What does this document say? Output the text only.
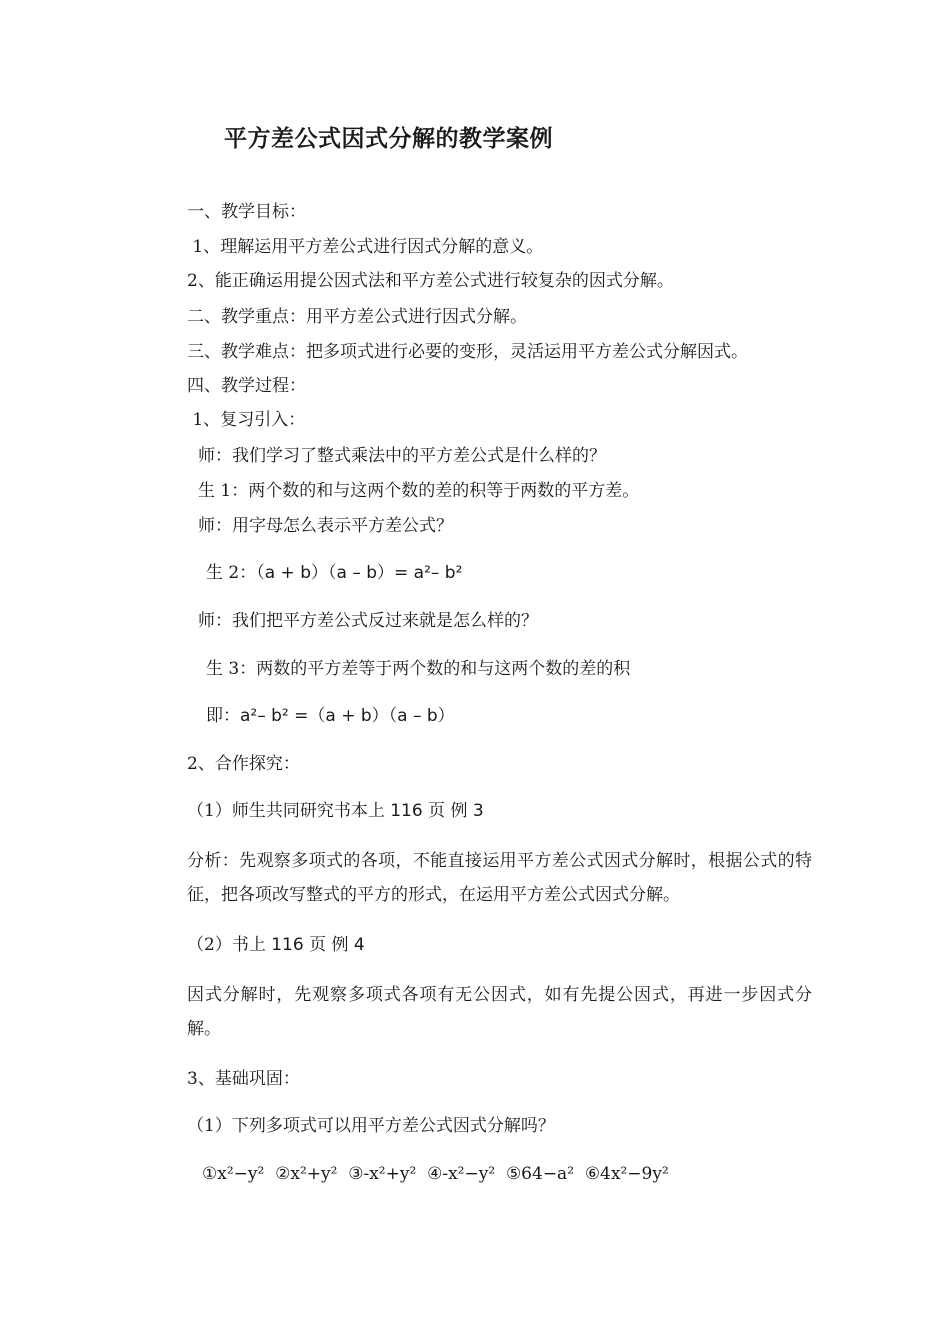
平方差公式因式分解的教学案例
一、教学目标：
1、理解运用平方差公式进行因式分解的意义。
2、能正确运用提公因式法和平方差公式进行较复杂的因式分解。
二、教学重点：用平方差公式进行因式分解。
三、教学难点：把多项式进行必要的变形，灵活运用平方差公式分解因式。
四、教学过程：
1、复习引入：
师：我们学习了整式乘法中的平方差公式是什么样的？
生 1：两个数的和与这两个数的差的积等于两数的平方差。
师：用字母怎么表示平方差公式？
生 2：（a + b）（a – b）= a²– b²
师：我们把平方差公式反过来就是怎么样的？
生 3：两数的平方差等于两个数的和与这两个数的差的积
即：a²– b² =（a + b）（a – b）
2、合作探究：
（1）师生共同研究书本上 116 页 例 3
分析：先观察多项式的各项，不能直接运用平方差公式因式分解时，根据公式的特征，把各项改写整式的平方的形式，在运用平方差公式因式分解。
（2）书上 116 页 例 4
因式分解时，先观察多项式各项有无公因式，如有先提公因式，再进一步因式分解。
3、基础巩固：
（1）下列多项式可以用平方差公式因式分解吗？
①x²−y²  ②x²+y²  ③-x²+y²  ④-x²−y²  ⑤64−a²  ⑥4x²−9y²
